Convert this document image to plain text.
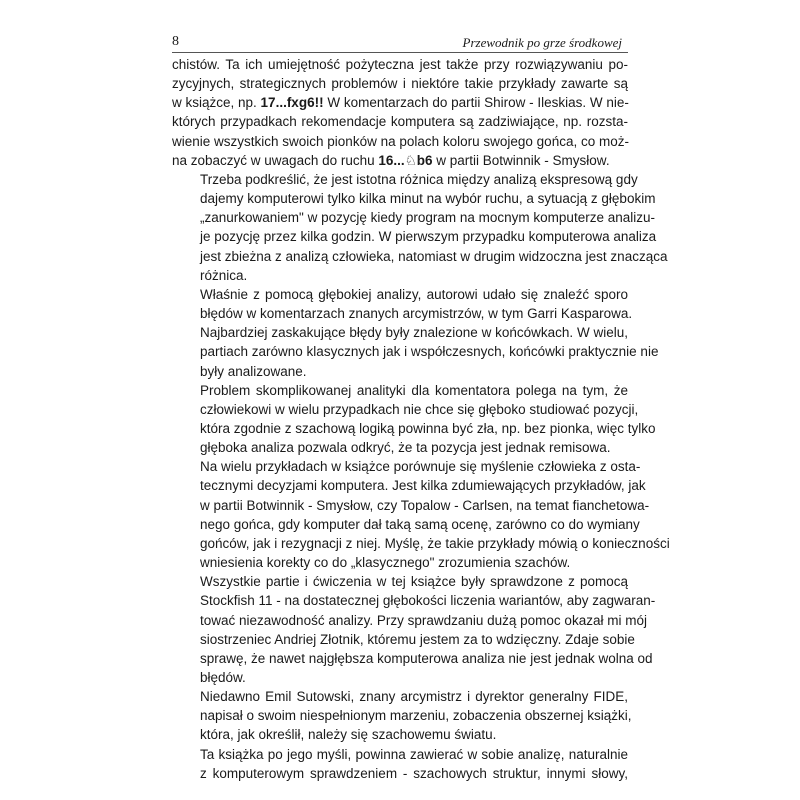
8	Przewodnik po grze środkowej

chistów. Ta ich umiejętność pożyteczna jest także przy rozwiązywaniu po-
zycyjnych, strategicznych problemów i niektóre takie przykłady zawarte są
w książce, np. 17...fxg6!! W komentarzach do partii Shirow - Ileskias. W nie-
których przypadkach rekomendacje komputera są zadziwiające, np. rozsta-
wienie wszystkich swoich pionków na polach koloru swojego gońca, co moż-
na zobaczyć w uwagach do ruchu 16...♘b6 w partii Botwinnik - Smysłow.

Trzeba podkreślić, że jest istotna różnica między analizą ekspresową gdy
dajemy komputerowi tylko kilka minut na wybór ruchu, a sytuacją z głębokim
„zanurkowaniem" w pozycję kiedy program na mocnym komputerze analizu-
je pozycję przez kilka godzin. W pierwszym przypadku komputerowa analiza
jest zbieżna z analizą człowieka, natomiast w drugim widzoczna jest znacząca
różnica.

Właśnie z pomocą głębokiej analizy, autorowi udało się znaleźć sporo
błędów w komentarzach znanych arcymistrzów, w tym Garri Kasparowa.

Najbardziej zaskakujące błędy były znalezione w końcówkach. W wielu,
partiach zarówno klasycznych jak i współczesnych, końcówki praktycznie nie
były analizowane.

Problem skomplikowanej analityki dla komentatora polega na tym, że
człowiekowi w wielu przypadkach nie chce się głęboko studiować pozycji,
która zgodnie z szachową logiką powinna być zła, np. bez pionka, więc tylko
głęboka analiza pozwala odkryć, że ta pozycja jest jednak remisowa.

Na wielu przykładach w książce porównuje się myślenie człowieka z osta-
tecznymi decyzjami komputera. Jest kilka zdumiewających przykładów, jak
w partii Botwinnik - Smysłow, czy Topalow - Carlsen, na temat fianchetowa-
nego gońca, gdy komputer dał taką samą ocenę, zarówno co do wymiany
gońców, jak i rezygnacji z niej. Myślę, że takie przykłady mówią o konieczności
wniesienia korekty co do „klasycznego" zrozumienia szachów.

Wszystkie partie i ćwiczenia w tej książce były sprawdzone z pomocą
Stockfish 11 - na dostatecznej głębokości liczenia wariantów, aby zagwaran-
tować niezawodność analizy. Przy sprawdzaniu dużą pomoc okazał mi mój
siostrzeniec Andriej Złotnik, któremu jestem za to wdzięczny. Zdaje sobie
sprawę, że nawet najgłębsza komputerowa analiza nie jest jednak wolna od
błędów.

Niedawno Emil Sutowski, znany arcymistrz i dyrektor generalny FIDE,
napisał o swoim niespełnionym marzeniu, zobaczenia obszernej książki,
która, jak określił, należy się szachowemu światu.

Ta książka po jego myśli, powinna zawierać w sobie analizę, naturalnie
z komputerowym sprawdzeniem - szachowych struktur, innymi słowy,
